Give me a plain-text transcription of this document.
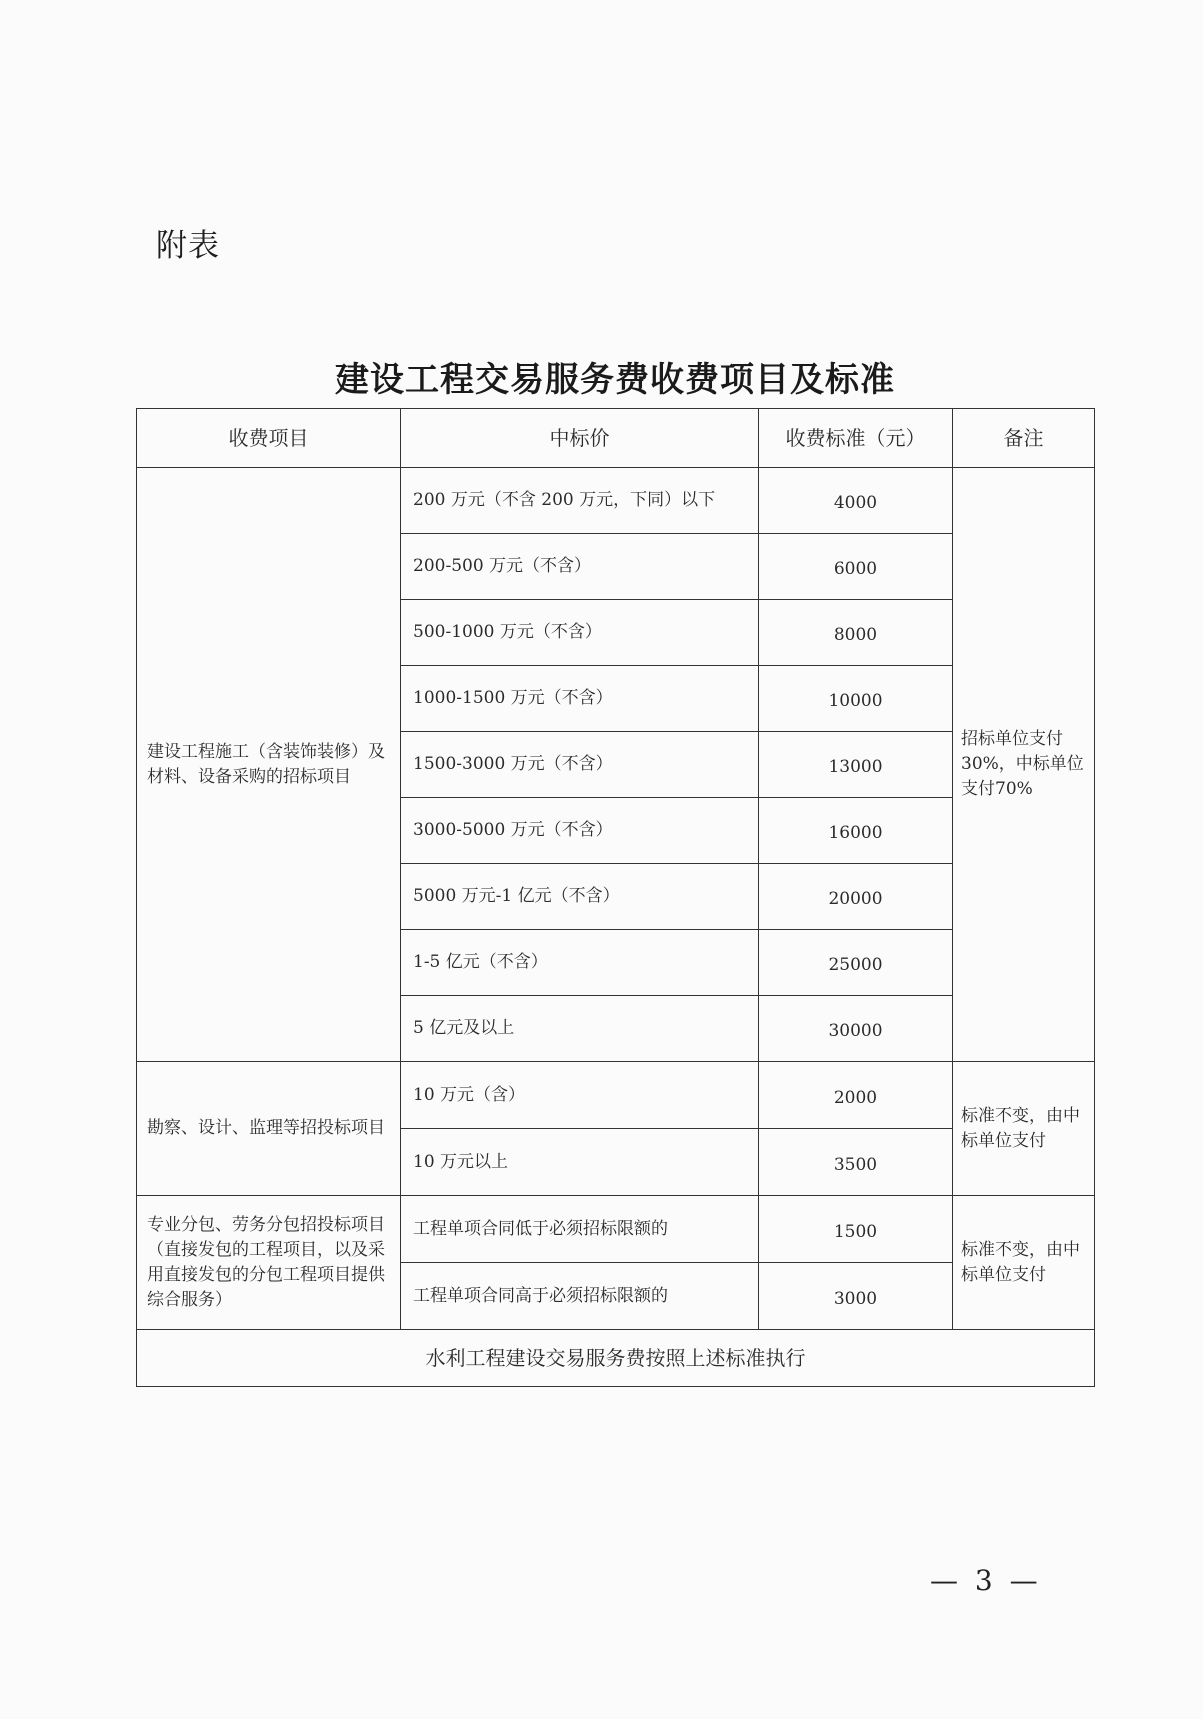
附表
建设工程交易服务费收费项目及标准
收费项目	中标价	收费标准（元）	备注
建设工程施工（含装饰装修）及材料、设备采购的招标项目	200 万元（不含 200 万元，下同）以下	4000	招标单位支付30%，中标单位支付70%
	200-500 万元（不含）	6000	
	500-1000 万元（不含）	8000	
	1000-1500 万元（不含）	10000	
	1500-3000 万元（不含）	13000	
	3000-5000 万元（不含）	16000	
	5000 万元-1 亿元（不含）	20000	
	1-5 亿元（不含）	25000	
	5 亿元及以上	30000	
勘察、设计、监理等招投标项目	10 万元（含）	2000	标准不变，由中标单位支付
	10 万元以上	3500	
专业分包、劳务分包招投标项目（直接发包的工程项目，以及采用直接发包的分包工程项目提供综合服务）	工程单项合同低于必须招标限额的	1500	标准不变，由中标单位支付
	工程单项合同高于必须招标限额的	3000	
水利工程建设交易服务费按照上述标准执行			
— 3 —
